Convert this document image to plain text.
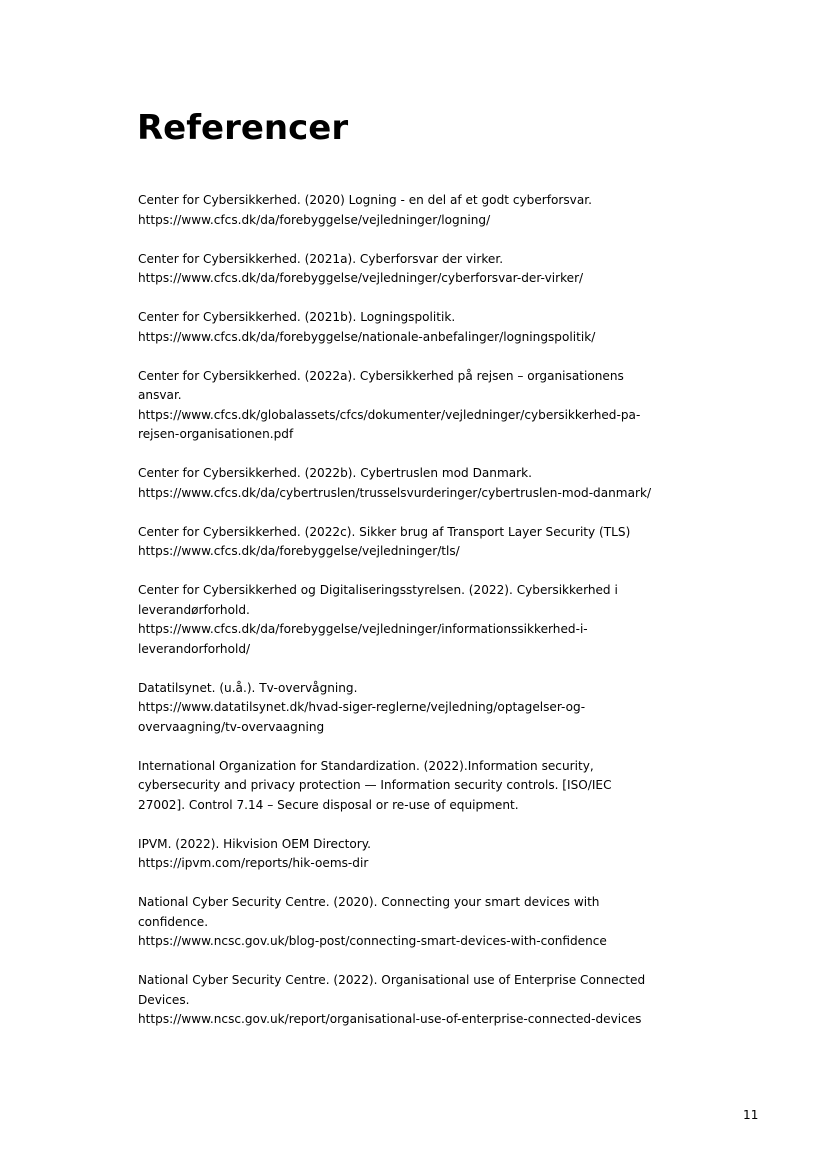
Referencer
Center for Cybersikkerhed. (2020) Logning - en del af et godt cyberforsvar.
https://www.cfcs.dk/da/forebyggelse/vejledninger/logning/
Center for Cybersikkerhed. (2021a). Cyberforsvar der virker.
https://www.cfcs.dk/da/forebyggelse/vejledninger/cyberforsvar-der-virker/
Center for Cybersikkerhed. (2021b). Logningspolitik.
https://www.cfcs.dk/da/forebyggelse/nationale-anbefalinger/logningspolitik/
Center for Cybersikkerhed. (2022a). Cybersikkerhed på rejsen – organisationens
ansvar.
https://www.cfcs.dk/globalassets/cfcs/dokumenter/vejledninger/cybersikkerhed-pa-
rejsen-organisationen.pdf
Center for Cybersikkerhed. (2022b). Cybertruslen mod Danmark.
https://www.cfcs.dk/da/cybertruslen/trusselsvurderinger/cybertruslen-mod-danmark/
Center for Cybersikkerhed. (2022c). Sikker brug af Transport Layer Security (TLS)
https://www.cfcs.dk/da/forebyggelse/vejledninger/tls/
Center for Cybersikkerhed og Digitaliseringsstyrelsen. (2022). Cybersikkerhed i
leverandørforhold.
https://www.cfcs.dk/da/forebyggelse/vejledninger/informationssikkerhed-i-
leverandorforhold/
Datatilsynet. (u.å.). Tv-overvågning.
https://www.datatilsynet.dk/hvad-siger-reglerne/vejledning/optagelser-og-
overvaagning/tv-overvaagning
International Organization for Standardization. (2022).Information security,
cybersecurity and privacy protection — Information security controls. [ISO/IEC
27002]. Control 7.14 – Secure disposal or re-use of equipment.
IPVM. (2022). Hikvision OEM Directory.
https://ipvm.com/reports/hik-oems-dir
National Cyber Security Centre. (2020). Connecting your smart devices with
confidence.
https://www.ncsc.gov.uk/blog-post/connecting-smart-devices-with-confidence
National Cyber Security Centre. (2022). Organisational use of Enterprise Connected
Devices.
https://www.ncsc.gov.uk/report/organisational-use-of-enterprise-connected-devices
11
